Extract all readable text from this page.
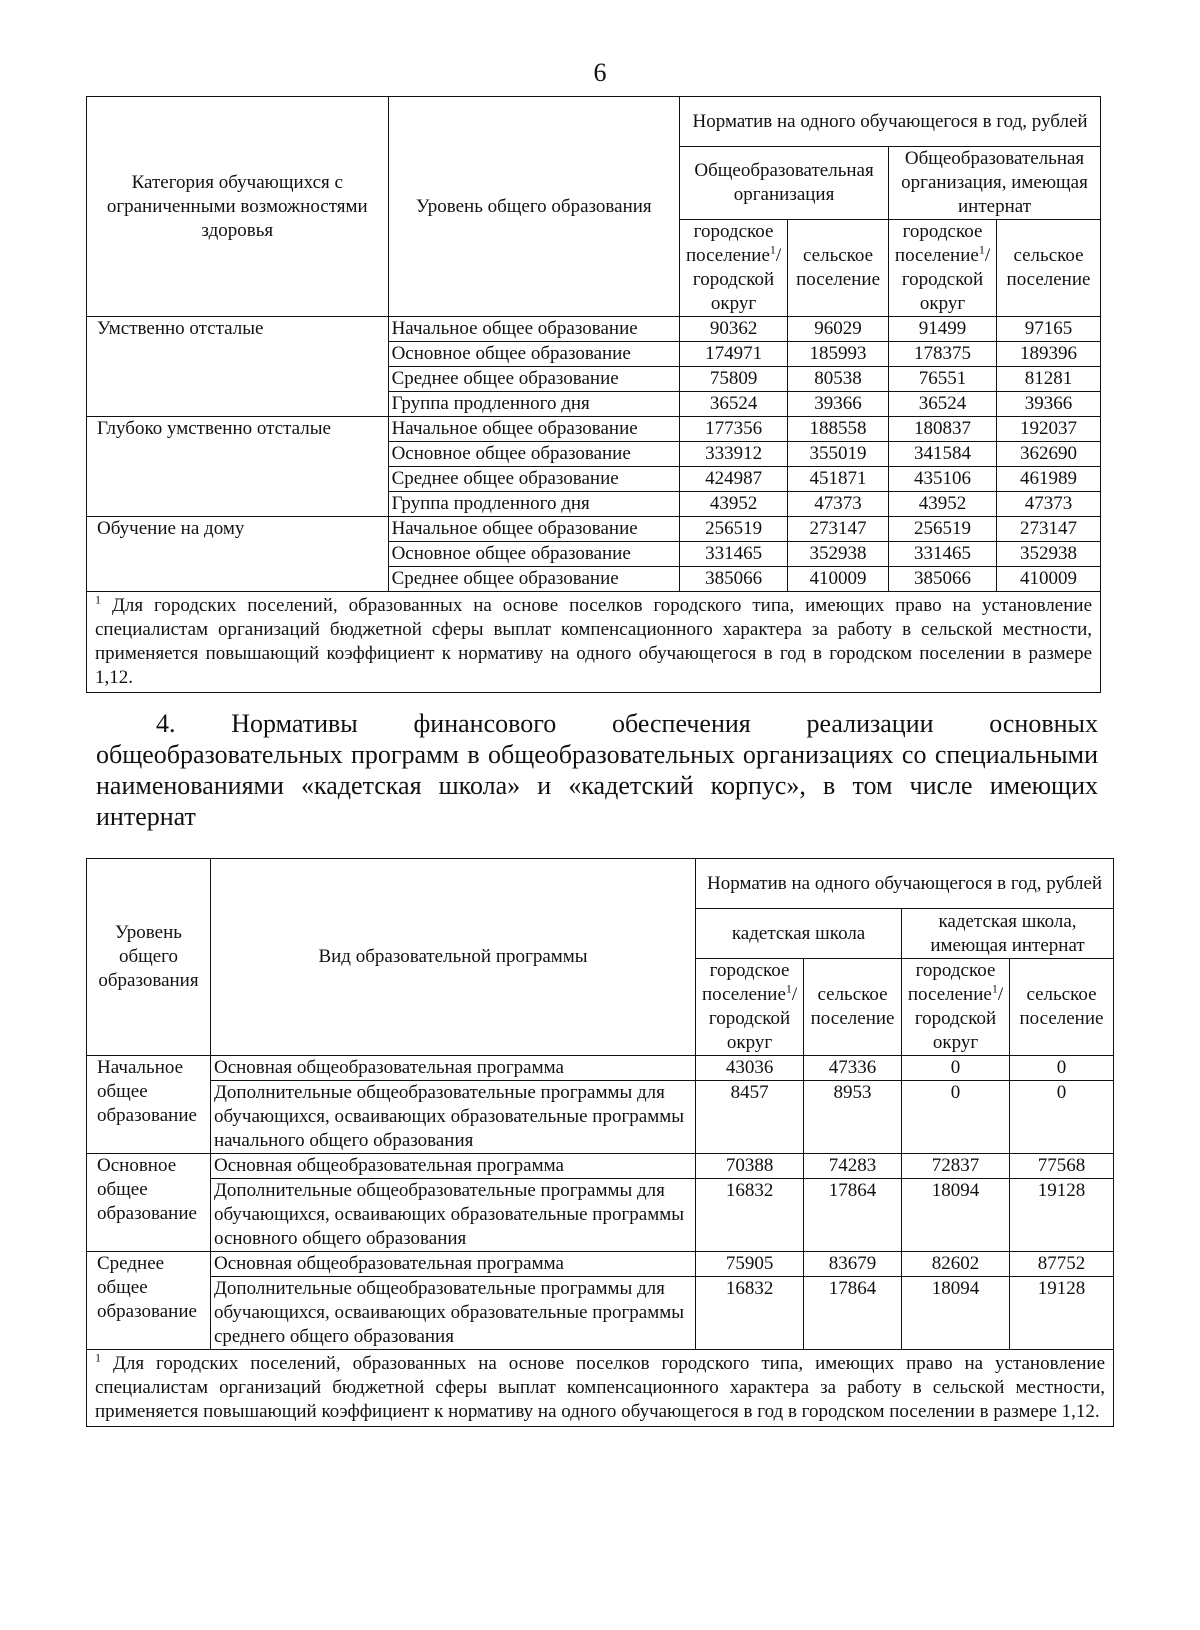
6
Категория обучающихся с ограниченными возможностями здоровья	Уровень общего образования	Норматив на одного обучающегося в год, рублей			
		Общеобразовательная организация		Общеобразовательная организация, имеющая интернат	
		городское поселение$^1$/ городской округ	сельское поселение	городское поселение$^1$/ городской округ	сельское поселение
Умственно отсталые	Начальное общее образование	90362	96029	91499	97165
	Основное общее образование	174971	185993	178375	189396
	Среднее общее образование	75809	80538	76551	81281
	Группа продленного дня	36524	39366	36524	39366
Глубоко умственно отсталые	Начальное общее образование	177356	188558	180837	192037
	Основное общее образование	333912	355019	341584	362690
	Среднее общее образование	424987	451871	435106	461989
	Группа продленного дня	43952	47373	43952	47373
Обучение на дому	Начальное общее образование	256519	273147	256519	273147
	Основное общее образование	331465	352938	331465	352938
	Среднее общее образование	385066	410009	385066	410009
$^1$ Для городских поселений, образованных на основе поселков городского типа, имеющих право на установление специалистам организаций бюджетной сферы выплат компенсационного характера за работу в сельской местности, применяется повышающий коэффициент к нормативу на одного обучающегося в год в городском поселении в размере 1,12.					
4. Нормативы финансового обеспечения реализации основных общеобразовательных программ в общеобразовательных организациях со специальными наименованиями «кадетская школа» и «кадетский корпус», в том числе имеющих интернат
Уровень общего образования	Вид образовательной программы	Норматив на одного обучающегося в год, рублей			
		кадетская школа		кадетская школа, имеющая интернат	
		городское поселение$^1$/ городской округ	сельское поселение	городское поселение$^1$/ городской округ	сельское поселение
Начальное общее образование	Основная общеобразовательная программа	43036	47336	0	0
	Дополнительные общеобразовательные программы для обучающихся, осваивающих образовательные программы начального общего образования	8457	8953	0	0
Основное общее образование	Основная общеобразовательная программа	70388	74283	72837	77568
	Дополнительные общеобразовательные программы для обучающихся, осваивающих образовательные программы основного общего образования	16832	17864	18094	19128
Среднее общее образование	Основная общеобразовательная программа	75905	83679	82602	87752
	Дополнительные общеобразовательные программы для обучающихся, осваивающих образовательные программы среднего общего образования	16832	17864	18094	19128
$^1$ Для городских поселений, образованных на основе поселков городского типа, имеющих право на установление специалистам организаций бюджетной сферы выплат компенсационного характера за работу в сельской местности, применяется повышающий коэффициент к нормативу на одного обучающегося в год в городском поселении в размере 1,12.					
